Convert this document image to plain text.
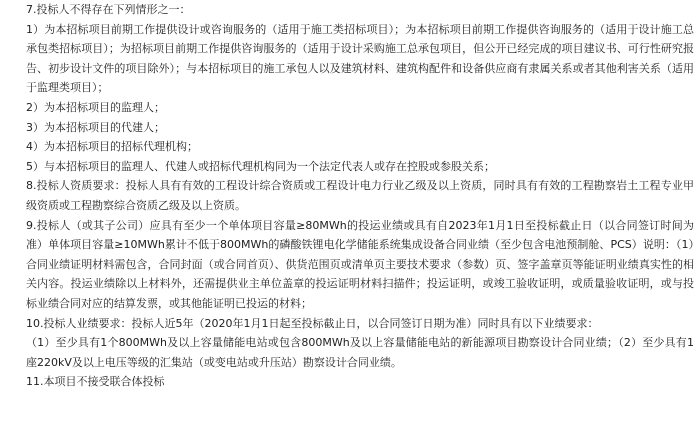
7.投标人不得存在下列情形之一：

1）为本招标项目前期工作提供设计或咨询服务的（适用于施工类招标项目）；为本招标项目前期工作提供咨询服务的（适用于设计施工总承包类招标项目）；为招标项目前期工作提供咨询服务的（适用于设计采购施工总承包项目，但公开已经完成的项目建议书、可行性研究报告、初步设计文件的项目除外）；与本招标项目的施工承包人以及建筑材料、建筑构配件和设备供应商有隶属关系或者其他利害关系（适用于监理类项目）；

2）为本招标项目的监理人；

3）为本招标项目的代建人；

4）为本招标项目的招标代理机构；

5）与本招标项目的监理人、代建人或招标代理机构同为一个法定代表人或存在控股或参股关系；

8.投标人资质要求：投标人具有有效的工程设计综合资质或工程设计电力行业乙级及以上资质，同时具有有效的工程勘察岩土工程专业甲级资质或工程勘察综合资质乙级及以上资质。

9.投标人（或其子公司）应具有至少一个单体项目容量≥80MWh的投运业绩或具有自2023年1月1日至投标截止日（以合同签订时间为准）单体项目容量≥10MWh累计不低于800MWh的磷酸铁锂电化学储能系统集成设备合同业绩（至少包含电池预制舱、PCS）说明：（1）合同业绩证明材料需包含，合同封面（或合同首页）、供货范围页或清单页主要技术要求（参数）页、签字盖章页等能证明业绩真实性的相关内容。投运业绩除以上材料外，还需提供业主单位盖章的投运证明材料扫描件；投运证明，或竣工验收证明，或质量验收证明，或与投标业绩合同对应的结算发票，或其他能证明已投运的材料；

10.投标人业绩要求：投标人近5年（2020年1月1日起至投标截止日，以合同签订日期为准）同时具有以下业绩要求：

（1）至少具有1个800MWh及以上容量储能电站或包含800MWh及以上容量储能电站的新能源项目勘察设计合同业绩；（2）至少具有1座220kV及以上电压等级的汇集站（或变电站或升压站）勘察设计合同业绩。

11.本项目不接受联合体投标
